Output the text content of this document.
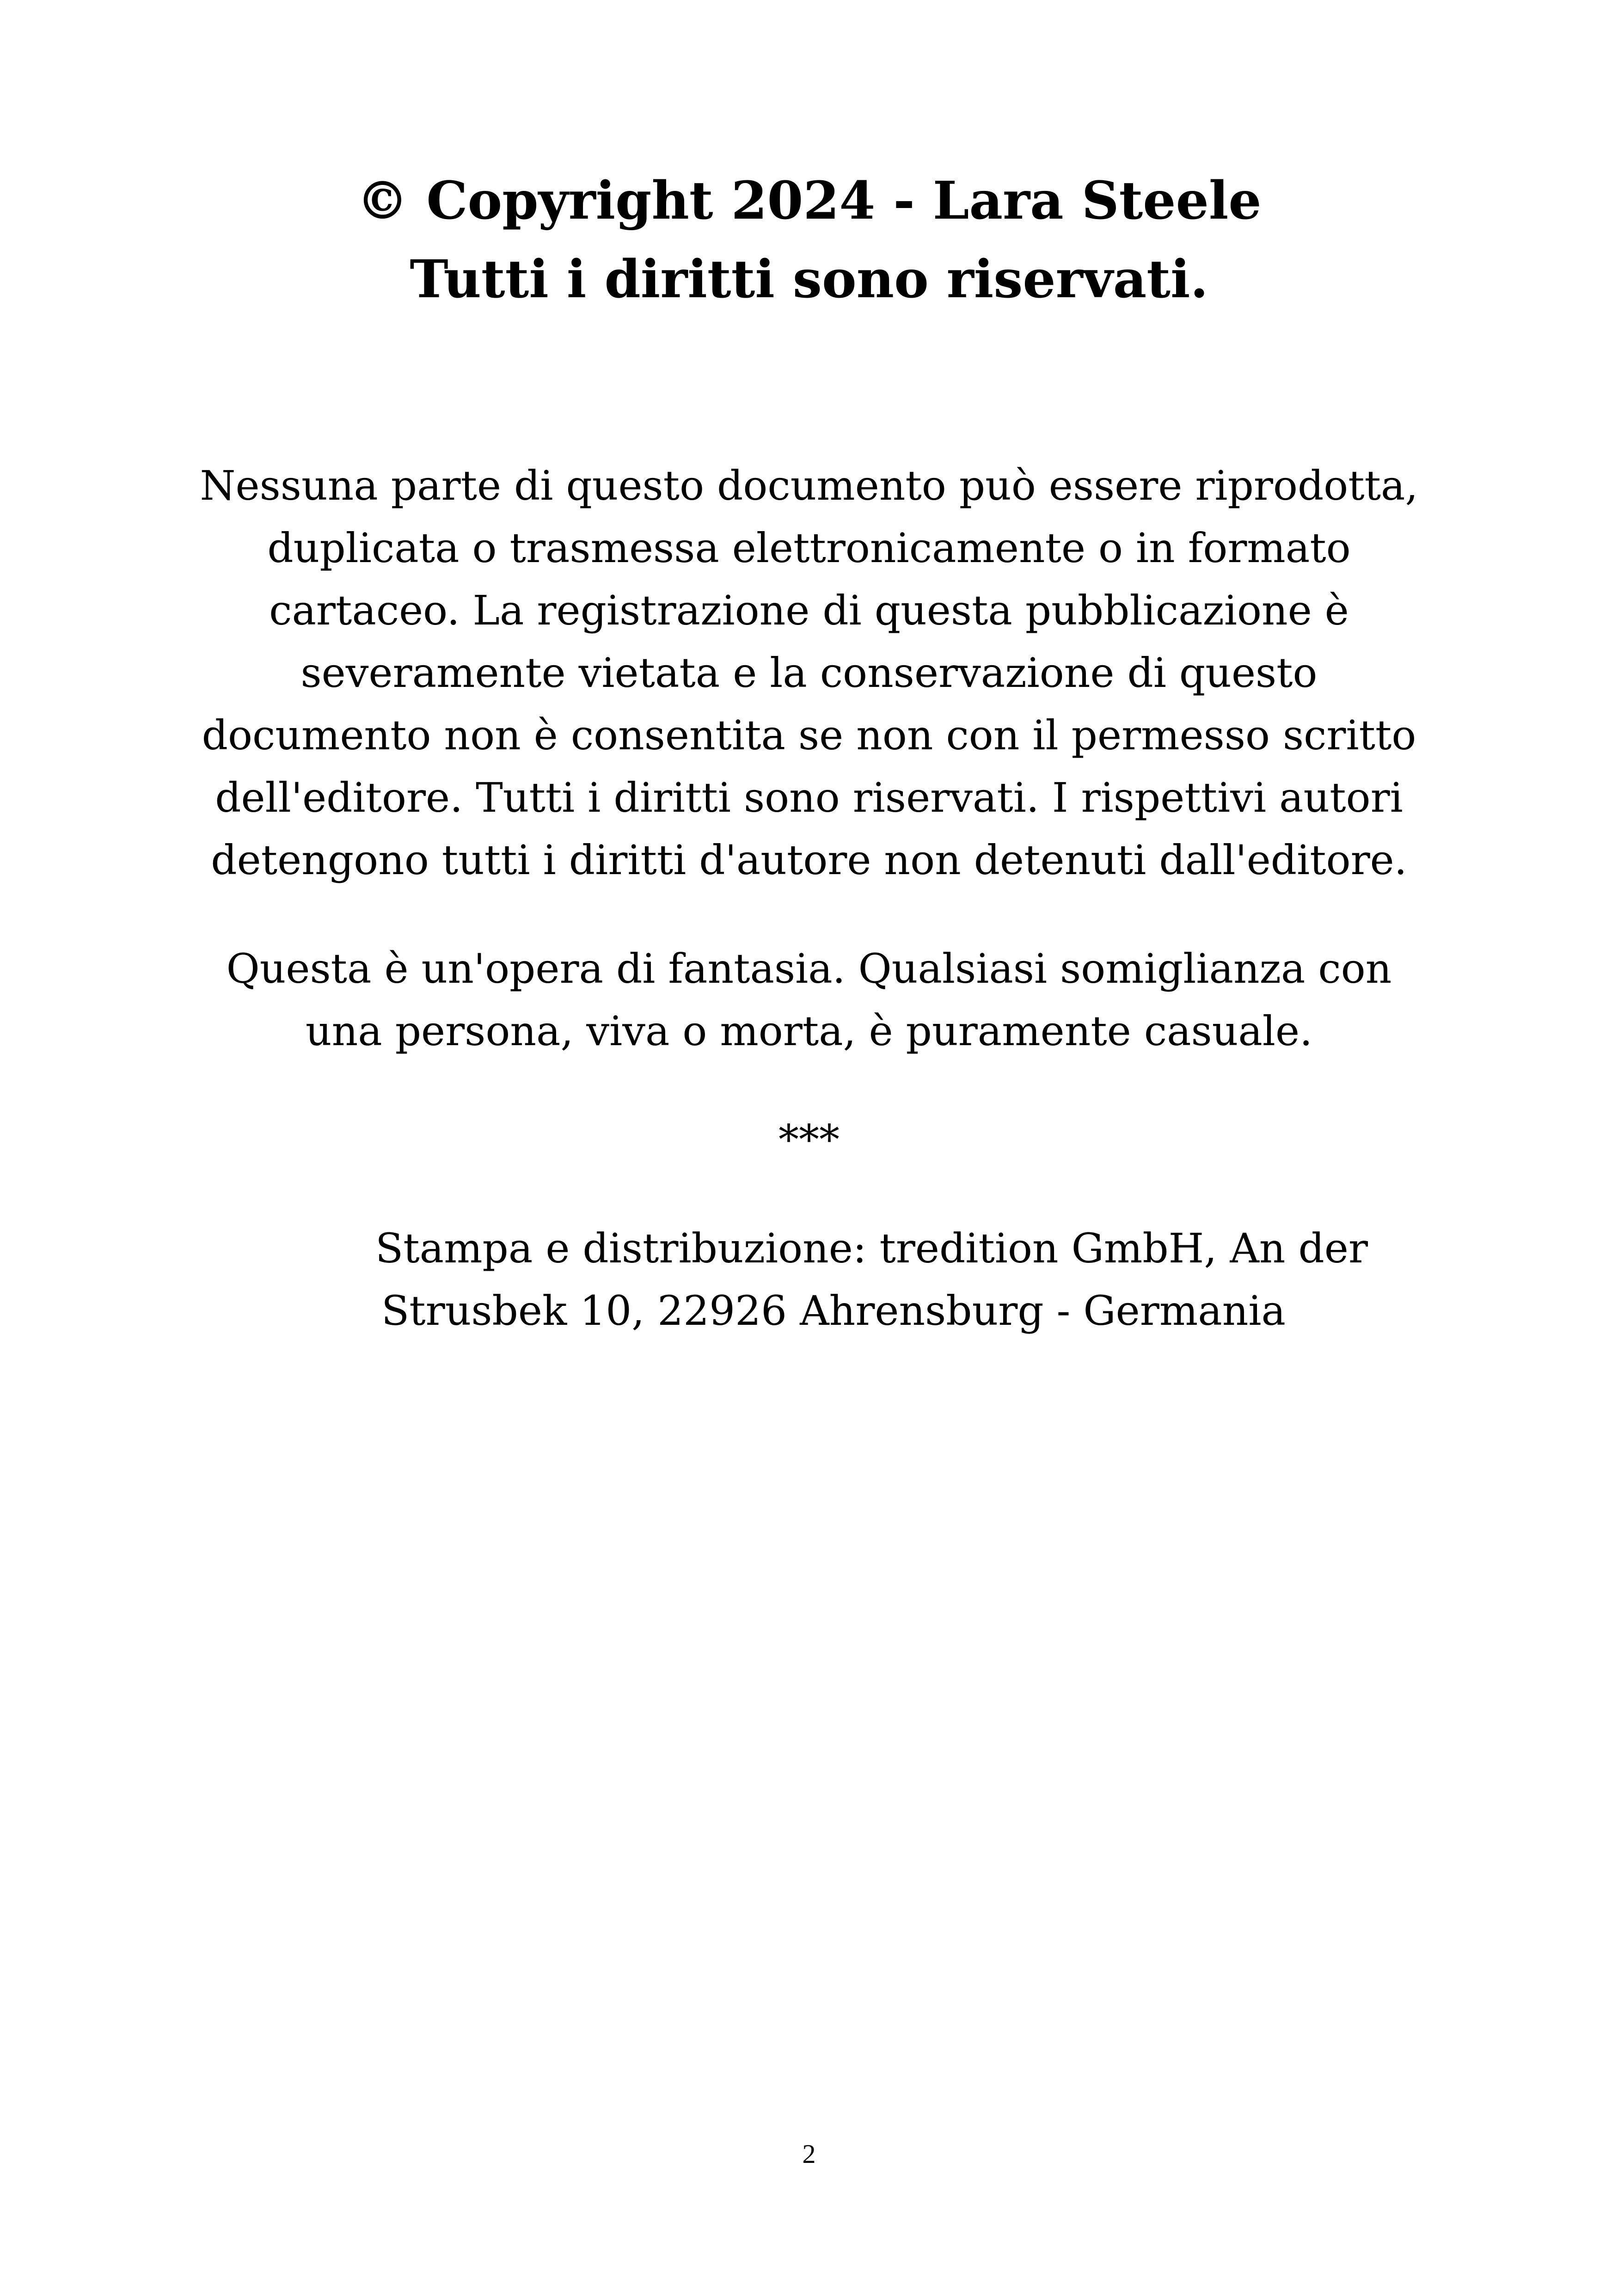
© Copyright 2024 - Lara Steele
Tutti i diritti sono riservati.
Nessuna parte di questo documento può essere riprodotta,
duplicata o trasmessa elettronicamente o in formato
cartaceo. La registrazione di questa pubblicazione è
severamente vietata e la conservazione di questo
documento non è consentita se non con il permesso scritto
dell'editore. Tutti i diritti sono riservati. I rispettivi autori
detengono tutti i diritti d'autore non detenuti dall'editore.
Questa è un'opera di fantasia. Qualsiasi somiglianza con
una persona, viva o morta, è puramente casuale.
***
Stampa e distribuzione: tredition GmbH, An der
Strusbek 10, 22926 Ahrensburg - Germania
2
